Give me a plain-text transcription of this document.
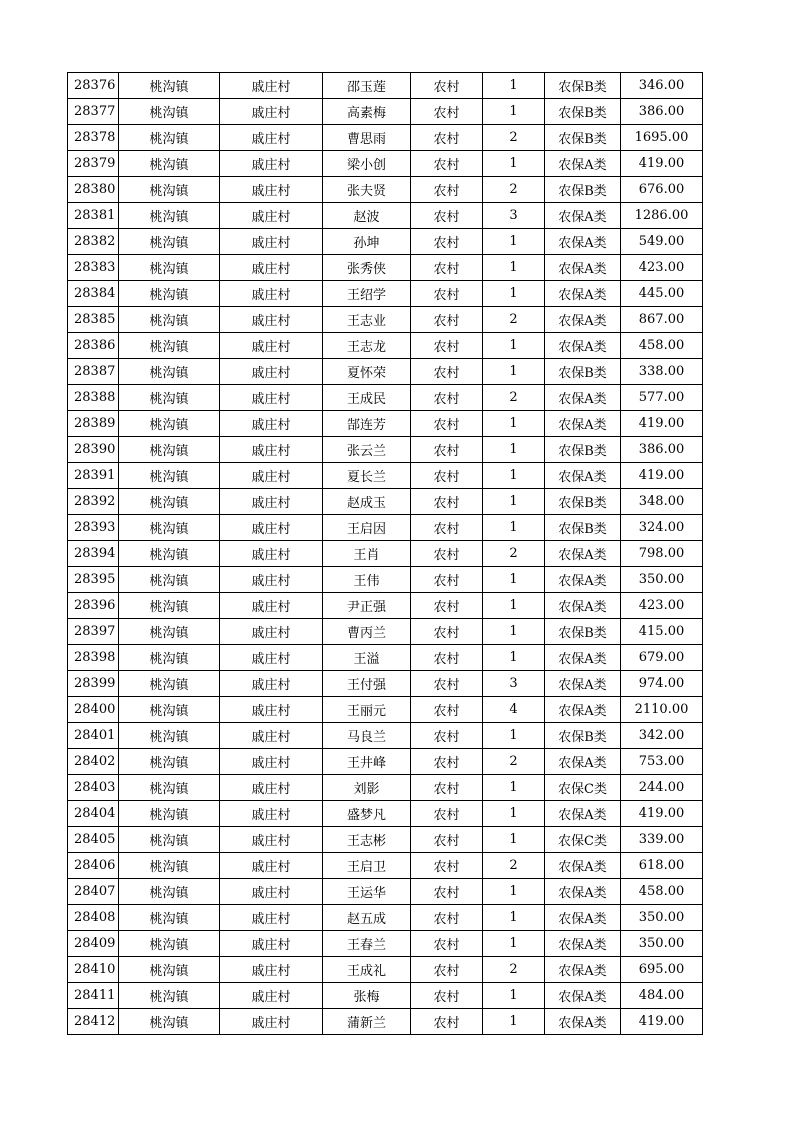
28376	桃沟镇	戚庄村	邵玉莲	农村	1	农保B类	346.00
28377	桃沟镇	戚庄村	高素梅	农村	1	农保B类	386.00
28378	桃沟镇	戚庄村	曹思雨	农村	2	农保B类	1695.00
28379	桃沟镇	戚庄村	梁小创	农村	1	农保A类	419.00
28380	桃沟镇	戚庄村	张夫贤	农村	2	农保B类	676.00
28381	桃沟镇	戚庄村	赵波	农村	3	农保A类	1286.00
28382	桃沟镇	戚庄村	孙坤	农村	1	农保A类	549.00
28383	桃沟镇	戚庄村	张秀侠	农村	1	农保A类	423.00
28384	桃沟镇	戚庄村	王绍学	农村	1	农保A类	445.00
28385	桃沟镇	戚庄村	王志业	农村	2	农保A类	867.00
28386	桃沟镇	戚庄村	王志龙	农村	1	农保A类	458.00
28387	桃沟镇	戚庄村	夏怀荣	农村	1	农保B类	338.00
28388	桃沟镇	戚庄村	王成民	农村	2	农保A类	577.00
28389	桃沟镇	戚庄村	郜连芳	农村	1	农保A类	419.00
28390	桃沟镇	戚庄村	张云兰	农村	1	农保B类	386.00
28391	桃沟镇	戚庄村	夏长兰	农村	1	农保A类	419.00
28392	桃沟镇	戚庄村	赵成玉	农村	1	农保B类	348.00
28393	桃沟镇	戚庄村	王启因	农村	1	农保B类	324.00
28394	桃沟镇	戚庄村	王肖	农村	2	农保A类	798.00
28395	桃沟镇	戚庄村	王伟	农村	1	农保A类	350.00
28396	桃沟镇	戚庄村	尹正强	农村	1	农保A类	423.00
28397	桃沟镇	戚庄村	曹丙兰	农村	1	农保B类	415.00
28398	桃沟镇	戚庄村	王溢	农村	1	农保A类	679.00
28399	桃沟镇	戚庄村	王付强	农村	3	农保A类	974.00
28400	桃沟镇	戚庄村	王丽元	农村	4	农保A类	2110.00
28401	桃沟镇	戚庄村	马良兰	农村	1	农保B类	342.00
28402	桃沟镇	戚庄村	王井峰	农村	2	农保A类	753.00
28403	桃沟镇	戚庄村	刘影	农村	1	农保C类	244.00
28404	桃沟镇	戚庄村	盛梦凡	农村	1	农保A类	419.00
28405	桃沟镇	戚庄村	王志彬	农村	1	农保C类	339.00
28406	桃沟镇	戚庄村	王启卫	农村	2	农保A类	618.00
28407	桃沟镇	戚庄村	王运华	农村	1	农保A类	458.00
28408	桃沟镇	戚庄村	赵五成	农村	1	农保A类	350.00
28409	桃沟镇	戚庄村	王春兰	农村	1	农保A类	350.00
28410	桃沟镇	戚庄村	王成礼	农村	2	农保A类	695.00
28411	桃沟镇	戚庄村	张梅	农村	1	农保A类	484.00
28412	桃沟镇	戚庄村	蒲新兰	农村	1	农保A类	419.00
